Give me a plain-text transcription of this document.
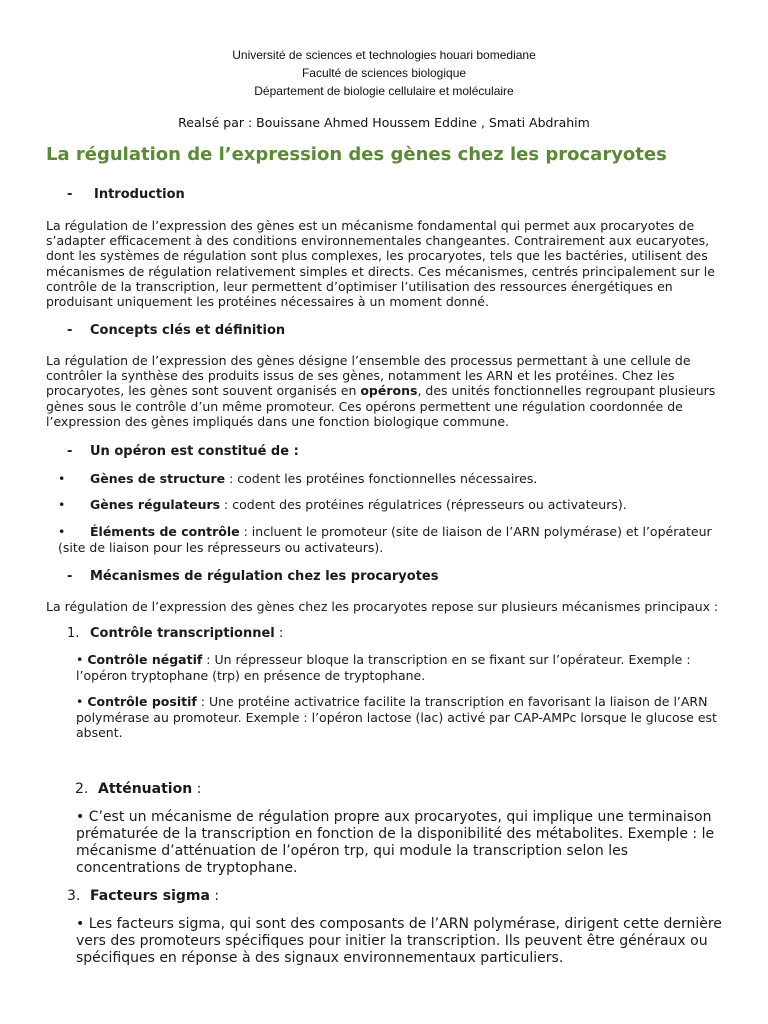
Université de sciences et technologies houari bomediane
Faculté de sciences biologique
Département de biologie cellulaire et moléculaire
Realsé par : Bouissane Ahmed Houssem Eddine , Smati Abdrahim
La régulation de l’expression des gènes chez les procaryotes
- Introduction
La régulation de l’expression des gènes est un mécanisme fondamental qui permet aux procaryotes de s’adapter efficacement à des conditions environnementales changeantes. Contrairement aux eucaryotes, dont les systèmes de régulation sont plus complexes, les procaryotes, tels que les bactéries, utilisent des mécanismes de régulation relativement simples et directs. Ces mécanismes, centrés principalement sur le contrôle de la transcription, leur permettent d’optimiser l’utilisation des ressources énergétiques en produisant uniquement les protéines nécessaires à un moment donné.
- Concepts clés et définition
La régulation de l’expression des gènes désigne l’ensemble des processus permettant à une cellule de contrôler la synthèse des produits issus de ses gènes, notamment les ARN et les protéines. Chez les procaryotes, les gènes sont souvent organisés en opérons, des unités fonctionnelles regroupant plusieurs gènes sous le contrôle d’un même promoteur. Ces opérons permettent une régulation coordonnée de l’expression des gènes impliqués dans une fonction biologique commune.
- Un opéron est constitué de :
• Gènes de structure : codent les protéines fonctionnelles nécessaires.
• Gènes régulateurs : codent des protéines régulatrices (répresseurs ou activateurs).
• Éléments de contrôle : incluent le promoteur (site de liaison de l’ARN polymérase) et l’opérateur (site de liaison pour les répresseurs ou activateurs).
- Mécanismes de régulation chez les procaryotes
La régulation de l’expression des gènes chez les procaryotes repose sur plusieurs mécanismes principaux :
1. Contrôle transcriptionnel :
• Contrôle négatif : Un répresseur bloque la transcription en se fixant sur l’opérateur. Exemple : l’opéron tryptophane (trp) en présence de tryptophane.
• Contrôle positif : Une protéine activatrice facilite la transcription en favorisant la liaison de l’ARN polymérase au promoteur. Exemple : l’opéron lactose (lac) activé par CAP-AMPc lorsque le glucose est absent.
2. Atténuation :
• C’est un mécanisme de régulation propre aux procaryotes, qui implique une terminaison prématurée de la transcription en fonction de la disponibilité des métabolites. Exemple : le mécanisme d’atténuation de l’opéron trp, qui module la transcription selon les concentrations de tryptophane.
3. Facteurs sigma :
• Les facteurs sigma, qui sont des composants de l’ARN polymérase, dirigent cette dernière vers des promoteurs spécifiques pour initier la transcription. Ils peuvent être généraux ou spécifiques en réponse à des signaux environnementaux particuliers.
